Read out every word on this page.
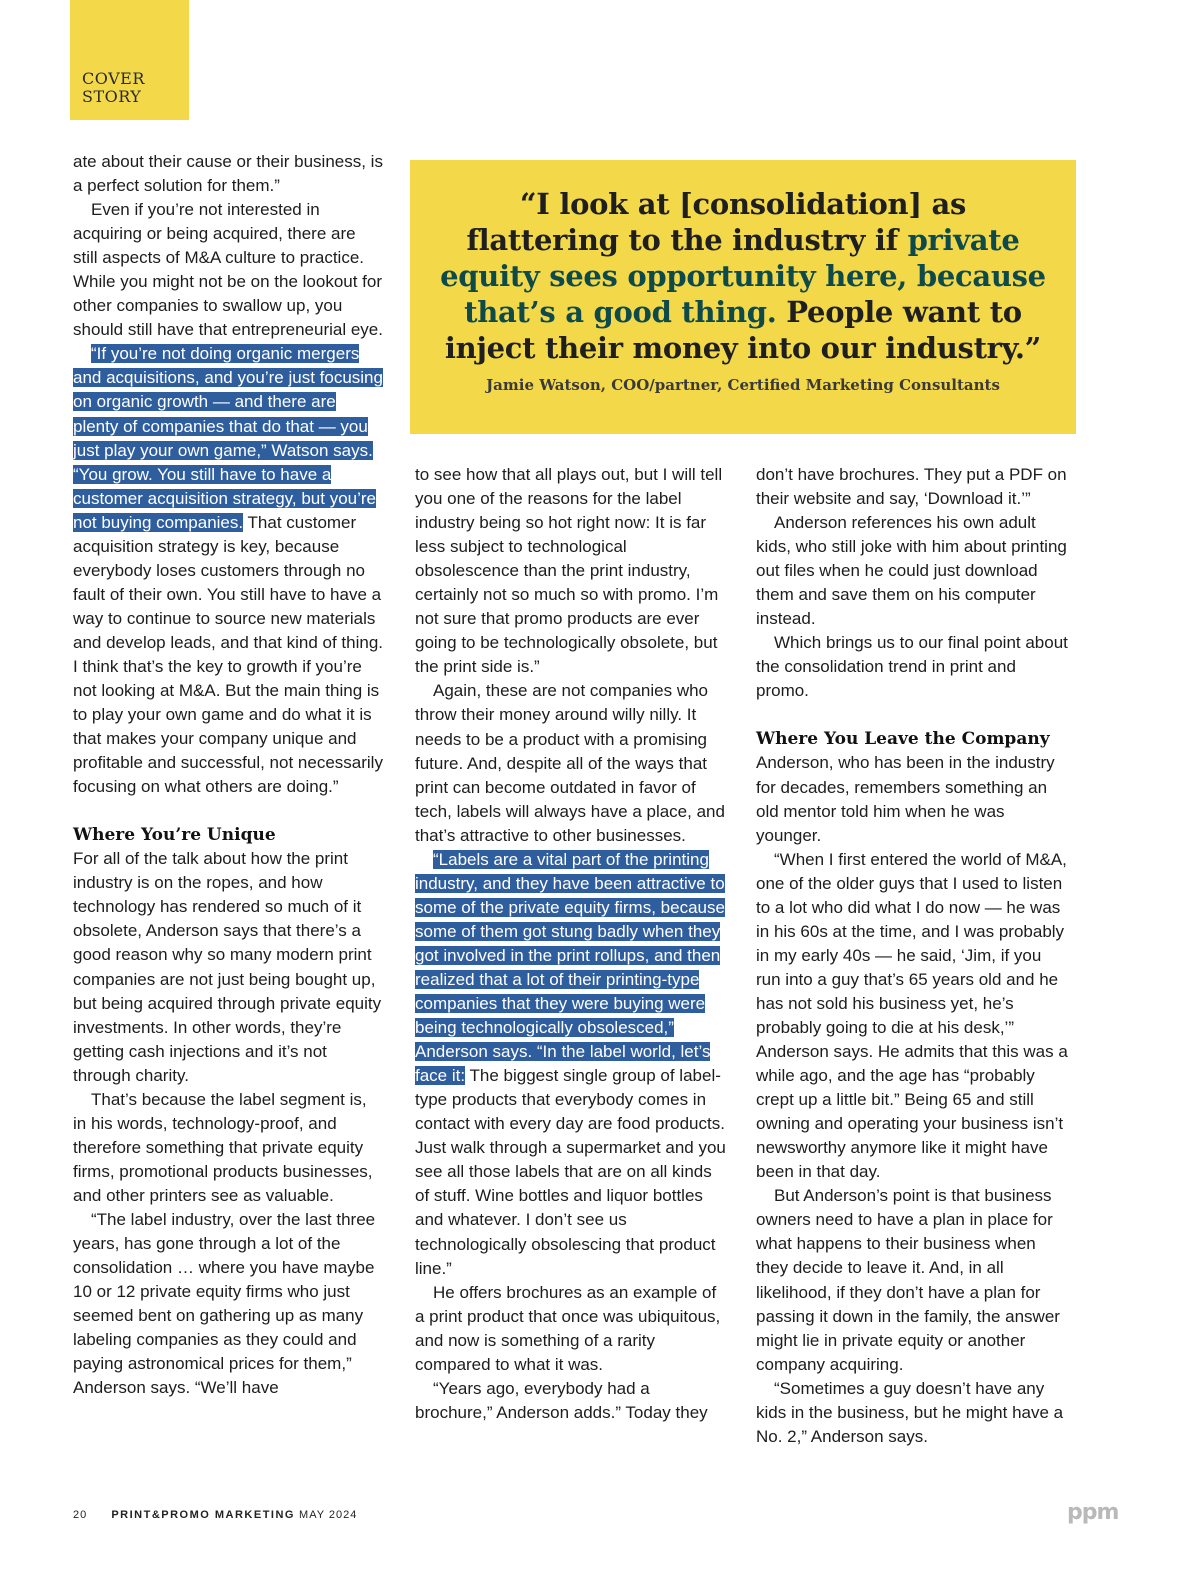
COVER
STORY
“I look at [consolidation] as flattering to the industry if private equity sees opportunity here, because that’s a good thing. People want to inject their money into our industry.”
Jamie Watson, COO/partner, Certified Marketing Consultants

ate about their cause or their business, is a perfect solution for them.”

Even if you’re not interested in acquiring or being acquired, there are still aspects of M&A culture to practice. While you might not be on the lookout for other companies to swallow up, you should still have that entrepreneurial eye.

“If you’re not doing organic mergers and acquisitions, and you’re just focusing on organic growth — and there are plenty of companies that do that — you just play your own game,” Watson says. “You grow. You still have to have a customer acquisition strategy, but you’re not buying companies. That customer acquisition strategy is key, because everybody loses customers through no fault of their own. You still have to have a way to continue to source new materials and develop leads, and that kind of thing. I think that’s the key to growth if you’re not looking at M&A. But the main thing is to play your own game and do what it is that makes your company unique and profitable and successful, not necessarily focusing on what others are doing.”

Where You’re Unique

For all of the talk about how the print industry is on the ropes, and how technology has rendered so much of it obsolete, Anderson says that there’s a good reason why so many modern print companies are not just being bought up, but being acquired through private equity investments. In other words, they’re getting cash injections and it’s not through charity.

That’s because the label segment is, in his words, technology-proof, and therefore something that private equity firms, promotional products businesses, and other printers see as valuable.

“The label industry, over the last three years, has gone through a lot of the consolidation … where you have maybe 10 or 12 private equity firms who just seemed bent on gathering up as many labeling companies as they could and paying astronomical prices for them,” Anderson says. “We’ll have

to see how that all plays out, but I will tell you one of the reasons for the label industry being so hot right now: It is far less subject to technological obsolescence than the print industry, certainly not so much so with promo. I’m not sure that promo products are ever going to be technologically obsolete, but the print side is.”

Again, these are not companies who throw their money around willy nilly. It needs to be a product with a promising future. And, despite all of the ways that print can become outdated in favor of tech, labels will always have a place, and that’s attractive to other businesses.

“Labels are a vital part of the printing industry, and they have been attractive to some of the private equity firms, because some of them got stung badly when they got involved in the print rollups, and then realized that a lot of their printing-type companies that they were buying were being technologically obsolesced,” Anderson says. “In the label world, let’s face it: The biggest single group of label-type products that everybody comes in contact with every day are food products. Just walk through a supermarket and you see all those labels that are on all kinds of stuff. Wine bottles and liquor bottles and whatever. I don’t see us technologically obsolescing that product line.”

He offers brochures as an example of a print product that once was ubiquitous, and now is something of a rarity compared to what it was.

“Years ago, everybody had a brochure,” Anderson adds.” Today they

don’t have brochures. They put a PDF on their website and say, ‘Download it.’”

Anderson references his own adult kids, who still joke with him about printing out files when he could just download them and save them on his computer instead.

Which brings us to our final point about the consolidation trend in print and promo.

Where You Leave the Company

Anderson, who has been in the industry for decades, remembers something an old mentor told him when he was younger.

“When I first entered the world of M&A, one of the older guys that I used to listen to a lot who did what I do now — he was in his 60s at the time, and I was probably in my early 40s — he said, ‘Jim, if you run into a guy that’s 65 years old and he has not sold his business yet, he’s probably going to die at his desk,’” Anderson says. He admits that this was a while ago, and the age has “probably crept up a little bit.” Being 65 and still owning and operating your business isn’t newsworthy anymore like it might have been in that day.

But Anderson’s point is that business owners need to have a plan in place for what happens to their business when they decide to leave it. And, in all likelihood, if they don’t have a plan for passing it down in the family, the answer might lie in private equity or another company acquiring.

“Sometimes a guy doesn’t have any kids in the business, but he might have a No. 2,” Anderson says.

20 PRINT&PROMO MARKETING MAY 2024	ppm
